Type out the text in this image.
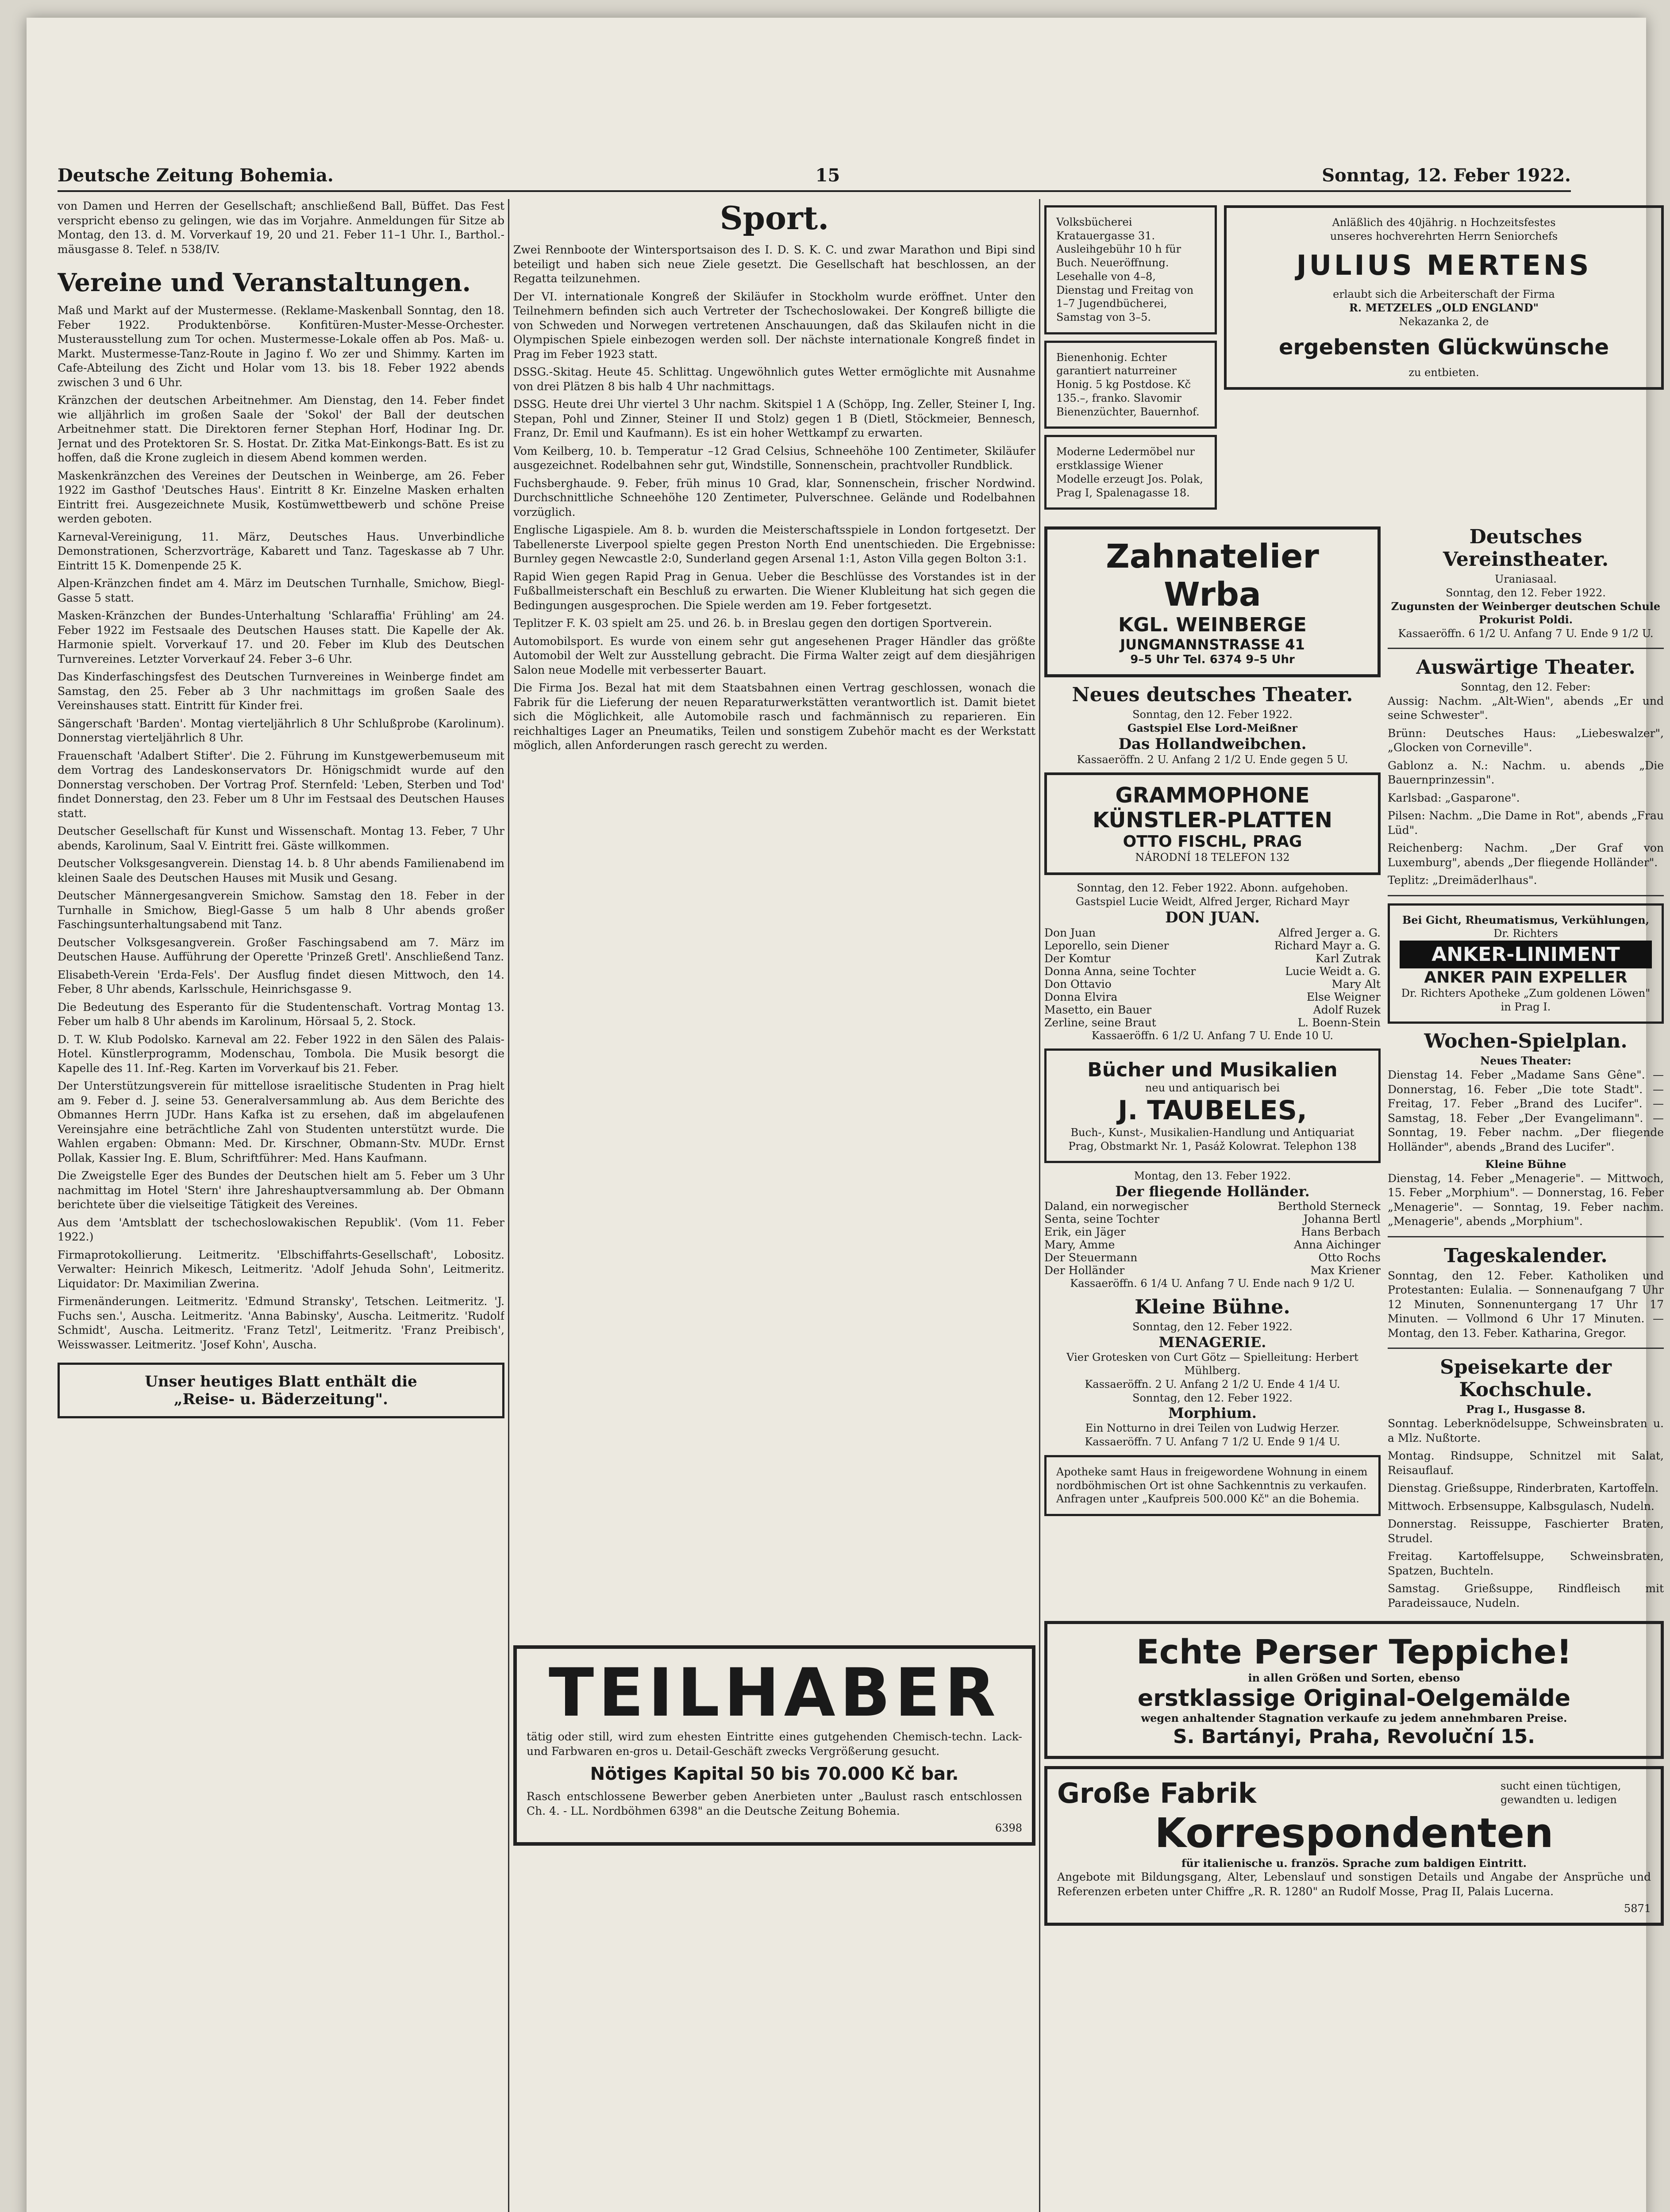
Deutsche Zeitung Bohemia.	15	Sonntag, 12. Feber 1922.

von Damen und Herren der Gesellschaft; anschließend Ball, Büffet. Das Fest verspricht ebenso zu gelingen, wie das im Vorjahre. Anmeldungen für Sitze ab Montag, den 13. d. M. Vorverkauf 19, 20 und 21. Feber 11–1 Uhr. I., Barthol.-mäusgasse 8. Telef. n 538/IV.

Vereine und Veranstaltungen.

Maß und Markt auf der Mustermesse. (Reklame-Maskenball Sonntag, den 18. Feber 1922. Produktenbörse. Konfitüren-Muster-Messe-Orchester. Musterausstellung zum Tor ochen. Mustermesse-Lokale offen ab Pos. Maß- u. Markt. Mustermesse-Tanz-Route in Jagino f. Wo zer und Shimmy. Karten im Cafe-Abteilung des Zicht und Holar vom 13. bis 18. Feber 1922 abends zwischen 3 und 6 Uhr.

Kränzchen der deutschen Arbeitnehmer. Am Dienstag, den 14. Feber findet wie alljährlich im großen Saale der 'Sokol' der Ball der deutschen Arbeitnehmer statt. Die Direktoren ferner Stephan Horf, Hodinar Ing. Dr. Jernat und des Protektoren Sr. S. Hostat. Dr. Zitka Mat-Einkongs-Batt. Es ist zu hoffen, daß die Krone zugleich in diesem Abend kommen werden.

Maskenkränzchen des Vereines der Deutschen in Weinberge, am 26. Feber 1922 im Gasthof 'Deutsches Haus'. Eintritt 8 Kr. Einzelne Masken erhalten Eintritt frei. Ausgezeichnete Musik, Kostümwettbewerb und schöne Preise werden geboten.

Karneval-Vereinigung, 11. März, Deutsches Haus. Unverbindliche Demonstrationen, Scherzvorträge, Kabarett und Tanz. Tageskasse ab 7 Uhr. Eintritt 15 K. Domenpende 25 K.

Alpen-Kränzchen findet am 4. März im Deutschen Turnhalle, Smichow, Biegl-Gasse 5 statt.

Masken-Kränzchen der Bundes-Unterhaltung 'Schlaraffia' Frühling' am 24. Feber 1922 im Festsaale des Deutschen Hauses statt. Die Kapelle der Ak. Harmonie spielt. Vorverkauf 17. und 20. Feber im Klub des Deutschen Turnvereines. Letzter Vorverkauf 24. Feber 3–6 Uhr.

Das Kinderfaschingsfest des Deutschen Turnvereines in Weinberge findet am Samstag, den 25. Feber ab 3 Uhr nachmittags im großen Saale des Vereinshauses statt. Eintritt für Kinder frei.

Sängerschaft 'Barden'. Montag vierteljährlich 8 Uhr Schlußprobe (Karolinum). Donnerstag vierteljährlich 8 Uhr.

Frauenschaft 'Adalbert Stifter'. Die 2. Führung im Kunstgewerbemuseum mit dem Vortrag des Landeskonservators Dr. Hönigschmidt wurde auf den Donnerstag verschoben. Der Vortrag Prof. Sternfeld: 'Leben, Sterben und Tod' findet Donnerstag, den 23. Feber um 8 Uhr im Festsaal des Deutschen Hauses statt.

Deutscher Gesellschaft für Kunst und Wissenschaft. Montag 13. Feber, 7 Uhr abends, Karolinum, Saal V. Eintritt frei. Gäste willkommen.

Deutscher Volksgesangverein. Dienstag 14. b. 8 Uhr abends Familienabend im kleinen Saale des Deutschen Hauses mit Musik und Gesang.

Deutscher Männergesangverein Smichow. Samstag den 18. Feber in der Turnhalle in Smichow, Biegl-Gasse 5 um halb 8 Uhr abends großer Faschingsunterhaltungsabend mit Tanz.

Deutscher Volksgesangverein. Großer Faschingsabend am 7. März im Deutschen Hause. Aufführung der Operette 'Prinzeß Gretl'. Anschließend Tanz.

Elisabeth-Verein 'Erda-Fels'. Der Ausflug findet diesen Mittwoch, den 14. Feber, 8 Uhr abends, Karlsschule, Heinrichsgasse 9.

Die Bedeutung des Esperanto für die Studentenschaft. Vortrag Montag 13. Feber um halb 8 Uhr abends im Karolinum, Hörsaal 5, 2. Stock.

D. T. W. Klub Podolsko. Karneval am 22. Feber 1922 in den Sälen des Palais-Hotel. Künstlerprogramm, Modenschau, Tombola. Die Musik besorgt die Kapelle des 11. Inf.-Reg. Karten im Vorverkauf bis 21. Feber.

Der Unterstützungsverein für mittellose israelitische Studenten in Prag hielt am 9. Feber d. J. seine 53. Generalversammlung ab. Aus dem Berichte des Obmannes Herrn JUDr. Hans Kafka ist zu ersehen, daß im abgelaufenen Vereinsjahre eine beträchtliche Zahl von Studenten unterstützt wurde. Die Wahlen ergaben: Obmann: Med. Dr. Kirschner, Obmann-Stv. MUDr. Ernst Pollak, Kassier Ing. E. Blum, Schriftführer: Med. Hans Kaufmann.

Die Zweigstelle Eger des Bundes der Deutschen hielt am 5. Feber um 3 Uhr nachmittag im Hotel 'Stern' ihre Jahreshauptversammlung ab. Der Obmann berichtete über die vielseitige Tätigkeit des Vereines.

Aus dem 'Amtsblatt der tschechoslowakischen Republik'. (Vom 11. Feber 1922.)

Firmaprotokollierung. Leitmeritz. 'Elbschiffahrts-Gesellschaft', Lobositz. Verwalter: Heinrich Mikesch, Leitmeritz. 'Adolf Jehuda Sohn', Leitmeritz. Liquidator: Dr. Maximilian Zwerina.

Firmenänderungen. Leitmeritz. 'Edmund Stransky', Tetschen. Leitmeritz. 'J. Fuchs sen.', Auscha. Leitmeritz. 'Anna Babinsky', Auscha. Leitmeritz. 'Rudolf Schmidt', Auscha. Leitmeritz. 'Franz Tetzl', Leitmeritz. 'Franz Preibisch', Weisswasser. Leitmeritz. 'Josef Kohn', Auscha.

Unser heutiges Blatt enthält die
„Reise- u. Bäderzeitung".
Sport.

Zwei Rennboote der Wintersportsaison des I. D. S. K. C. und zwar Marathon und Bipi sind beteiligt und haben sich neue Ziele gesetzt. Die Gesellschaft hat beschlossen, an der Regatta teilzunehmen.

Der VI. internationale Kongreß der Skiläufer in Stockholm wurde eröffnet. Unter den Teilnehmern befinden sich auch Vertreter der Tschechoslowakei. Der Kongreß billigte die von Schweden und Norwegen vertretenen Anschauungen, daß das Skilaufen nicht in die Olympischen Spiele einbezogen werden soll. Der nächste internationale Kongreß findet in Prag im Feber 1923 statt.

DSSG.-Skitag. Heute 45. Schlittag. Ungewöhnlich gutes Wetter ermöglichte mit Ausnahme von drei Plätzen 8 bis halb 4 Uhr nachmittags.

DSSG. Heute drei Uhr viertel 3 Uhr nachm. Skitspiel 1 A (Schöpp, Ing. Zeller, Steiner I, Ing. Stepan, Pohl und Zinner, Steiner II und Stolz) gegen 1 B (Dietl, Stöckmeier, Bennesch, Franz, Dr. Emil und Kaufmann). Es ist ein hoher Wettkampf zu erwarten.

Vom Keilberg, 10. b. Temperatur –12 Grad Celsius, Schneehöhe 100 Zentimeter, Skiläufer ausgezeichnet. Rodelbahnen sehr gut, Windstille, Sonnenschein, prachtvoller Rundblick.

Fuchsberghaude. 9. Feber, früh minus 10 Grad, klar, Sonnenschein, frischer Nordwind. Durchschnittliche Schneehöhe 120 Zentimeter, Pulverschnee. Gelände und Rodelbahnen vorzüglich.

Englische Ligaspiele. Am 8. b. wurden die Meisterschaftsspiele in London fortgesetzt. Der Tabellenerste Liverpool spielte gegen Preston North End unentschieden. Die Ergebnisse: Burnley gegen Newcastle 2:0, Sunderland gegen Arsenal 1:1, Aston Villa gegen Bolton 3:1.

Rapid Wien gegen Rapid Prag in Genua. Ueber die Beschlüsse des Vorstandes ist in der Fußballmeisterschaft ein Beschluß zu erwarten. Die Wiener Klubleitung hat sich gegen die Bedingungen ausgesprochen. Die Spiele werden am 19. Feber fortgesetzt.

Teplitzer F. K. 03 spielt am 25. und 26. b. in Breslau gegen den dortigen Sportverein.

Automobilsport. Es wurde von einem sehr gut angesehenen Prager Händler das größte Automobil der Welt zur Ausstellung gebracht. Die Firma Walter zeigt auf dem diesjährigen Salon neue Modelle mit verbesserter Bauart.

Die Firma Jos. Bezal hat mit dem Staatsbahnen einen Vertrag geschlossen, wonach die Fabrik für die Lieferung der neuen Reparaturwerkstätten verantwortlich ist. Damit bietet sich die Möglichkeit, alle Automobile rasch und fachmännisch zu reparieren. Ein reichhaltiges Lager an Pneumatiks, Teilen und sonstigem Zubehör macht es der Werkstatt möglich, allen Anforderungen rasch gerecht zu werden.

TEILHABER

tätig oder still, wird zum ehesten Eintritte eines gutgehenden Chemisch-techn. Lack- und Farbwaren en-gros u. Detail-Geschäft zwecks Vergrößerung gesucht.

Nötiges Kapital 50 bis 70.000 Kč bar.

Rasch entschlossene Bewerber geben Anerbieten unter „Baulust rasch entschlossen Ch. 4. - LL. Nordböhmen 6398" an die Deutsche Zeitung Bohemia.

6398
Volksbücherei Kratauergasse 31. Ausleihgebühr 10 h für Buch. Neueröffnung. Lesehalle von 4–8, Dienstag und Freitag von 1–7 Jugendbücherei, Samstag von 3–5.
Bienenhonig. Echter garantiert naturreiner Honig. 5 kg Postdose. Kč 135.–, franko. Slavomir Bienenzüchter, Bauernhof.
Moderne Ledermöbel nur erstklassige Wiener Modelle erzeugt Jos. Polak, Prag I, Spalenagasse 18.
Anläßlich des 40jährig. n Hochzeitsfestes
unseres hochverehrten Herrn Seniorchefs
JULIUS MERTENS
erlaubt sich die Arbeiterschaft der Firma
R. METZELES „OLD ENGLAND"
Nekazanka 2, de
ergebensten Glückwünsche
zu entbieten.
Zahnatelier Wrba
KGL. WEINBERGE
JUNGMANNSTRASSE 41
9–5 Uhr Tel. 6374 9–5 Uhr
Neues deutsches Theater.
Sonntag, den 12. Feber 1922.
Gastspiel Else Lord-Meißner
Das Hollandweibchen.
Kassaeröffn. 2 U. Anfang 2 1/2 U. Ende gegen 5 U.
GRAMMOPHONE
KÜNSTLER-PLATTEN
OTTO FISCHL, PRAG
NÁRODNÍ 18 TELEFON 132
Sonntag, den 12. Feber 1922. Abonn. aufgehoben.
Gastspiel Lucie Weidt, Alfred Jerger, Richard Mayr
DON JUAN.
Don Juan	Alfred Jerger a. G.
Leporello, sein Diener	Richard Mayr a. G.
Der Komtur	Karl Zutrak
Donna Anna, seine Tochter	Lucie Weidt a. G.
Don Ottavio	Mary Alt
Donna Elvira	Else Weigner
Masetto, ein Bauer	Adolf Ruzek
Zerline, seine Braut	L. Boenn-Stein
Kassaeröffn. 6 1/2 U. Anfang 7 U. Ende 10 U.
Bücher und Musikalien
neu und antiquarisch bei
J. TAUBELES,
Buch-, Kunst-, Musikalien-Handlung und Antiquariat Prag, Obstmarkt Nr. 1, Pasáž Kolowrat. Telephon 138
Montag, den 13. Feber 1922.
Der fliegende Holländer.
Daland, ein norwegischer	Berthold Sterneck
Senta, seine Tochter	Johanna Bertl
Erik, ein Jäger	Hans Berbach
Mary, Amme	Anna Aichinger
Der Steuermann	Otto Rochs
Der Holländer	Max Kriener
Kassaeröffn. 6 1/4 U. Anfang 7 U. Ende nach 9 1/2 U.
Kleine Bühne.
Sonntag, den 12. Feber 1922.
MENAGERIE.
Vier Grotesken von Curt Götz — Spielleitung: Herbert Mühlberg.
Kassaeröffn. 2 U. Anfang 2 1/2 U. Ende 4 1/4 U.
Sonntag, den 12. Feber 1922.
Morphium.
Ein Notturno in drei Teilen von Ludwig Herzer.
Kassaeröffn. 7 U. Anfang 7 1/2 U. Ende 9 1/4 U.
Apotheke samt Haus in freigewordene Wohnung in einem nordböhmischen Ort ist ohne Sachkenntnis zu verkaufen. Anfragen unter „Kaufpreis 500.000 Kč" an die Bohemia.
Deutsches Vereinstheater.
Uraniasaal.
Sonntag, den 12. Feber 1922.
Zugunsten der Weinberger deutschen Schule Prokurist Poldi.
Kassaeröffn. 6 1/2 U. Anfang 7 U. Ende 9 1/2 U.
Auswärtige Theater.
Sonntag, den 12. Feber:

Aussig: Nachm. „Alt-Wien", abends „Er und seine Schwester".

Brünn: Deutsches Haus: „Liebeswalzer", „Glocken von Corneville".

Gablonz a. N.: Nachm. u. abends „Die Bauernprinzessin".

Karlsbad: „Gasparone".

Pilsen: Nachm. „Die Dame in Rot", abends „Frau Lüd".

Reichenberg: Nachm. „Der Graf von Luxemburg", abends „Der fliegende Holländer".

Teplitz: „Dreimäderlhaus".

Bei Gicht, Rheumatismus, Verkühlungen,
Dr. Richters
ANKER-LINIMENT
ANKER PAIN EXPELLER
Dr. Richters Apotheke „Zum goldenen Löwen" in Prag I.
Wochen-Spielplan.
Neues Theater:

Dienstag 14. Feber „Madame Sans Gêne". — Donnerstag, 16. Feber „Die tote Stadt". — Freitag, 17. Feber „Brand des Lucifer". — Samstag, 18. Feber „Der Evangelimann". — Sonntag, 19. Feber nachm. „Der fliegende Holländer", abends „Brand des Lucifer".

Kleine Bühne

Dienstag, 14. Feber „Menagerie". — Mittwoch, 15. Feber „Morphium". — Donnerstag, 16. Feber „Menagerie". — Sonntag, 19. Feber nachm. „Menagerie", abends „Morphium".

Tageskalender.

Sonntag, den 12. Feber. Katholiken und Protestanten: Eulalia. — Sonnenaufgang 7 Uhr 12 Minuten, Sonnenuntergang 17 Uhr 17 Minuten. — Vollmond 6 Uhr 17 Minuten. — Montag, den 13. Feber. Katharina, Gregor.

Speisekarte der Kochschule.
Prag I., Husgasse 8.

Sonntag. Leberknödelsuppe, Schweinsbraten u. a Mlz. Nußtorte.

Montag. Rindsuppe, Schnitzel mit Salat, Reisauflauf.

Dienstag. Grießsuppe, Rinderbraten, Kartoffeln.

Mittwoch. Erbsensuppe, Kalbsgulasch, Nudeln.

Donnerstag. Reissuppe, Faschierter Braten, Strudel.

Freitag. Kartoffelsuppe, Schweinsbraten, Spatzen, Buchteln.

Samstag. Grießsuppe, Rindfleisch mit Paradeissauce, Nudeln.

Echte Perser Teppiche!
in allen Größen und Sorten, ebenso
erstklassige Original-Oelgemälde
wegen anhaltender Stagnation verkaufe zu jedem annehmbaren Preise.
S. Bartányi, Praha, Revoluční 15.
Große Fabrik	sucht einen tüchtigen, gewandten u. ledigen
Korrespondenten
für italienische u. französ. Sprache zum baldigen Eintritt.

Angebote mit Bildungsgang, Alter, Lebenslauf und sonstigen Details und Angabe der Ansprüche und Referenzen erbeten unter Chiffre „R. R. 1280" an Rudolf Mosse, Prag II, Palais Lucerna.

5871
